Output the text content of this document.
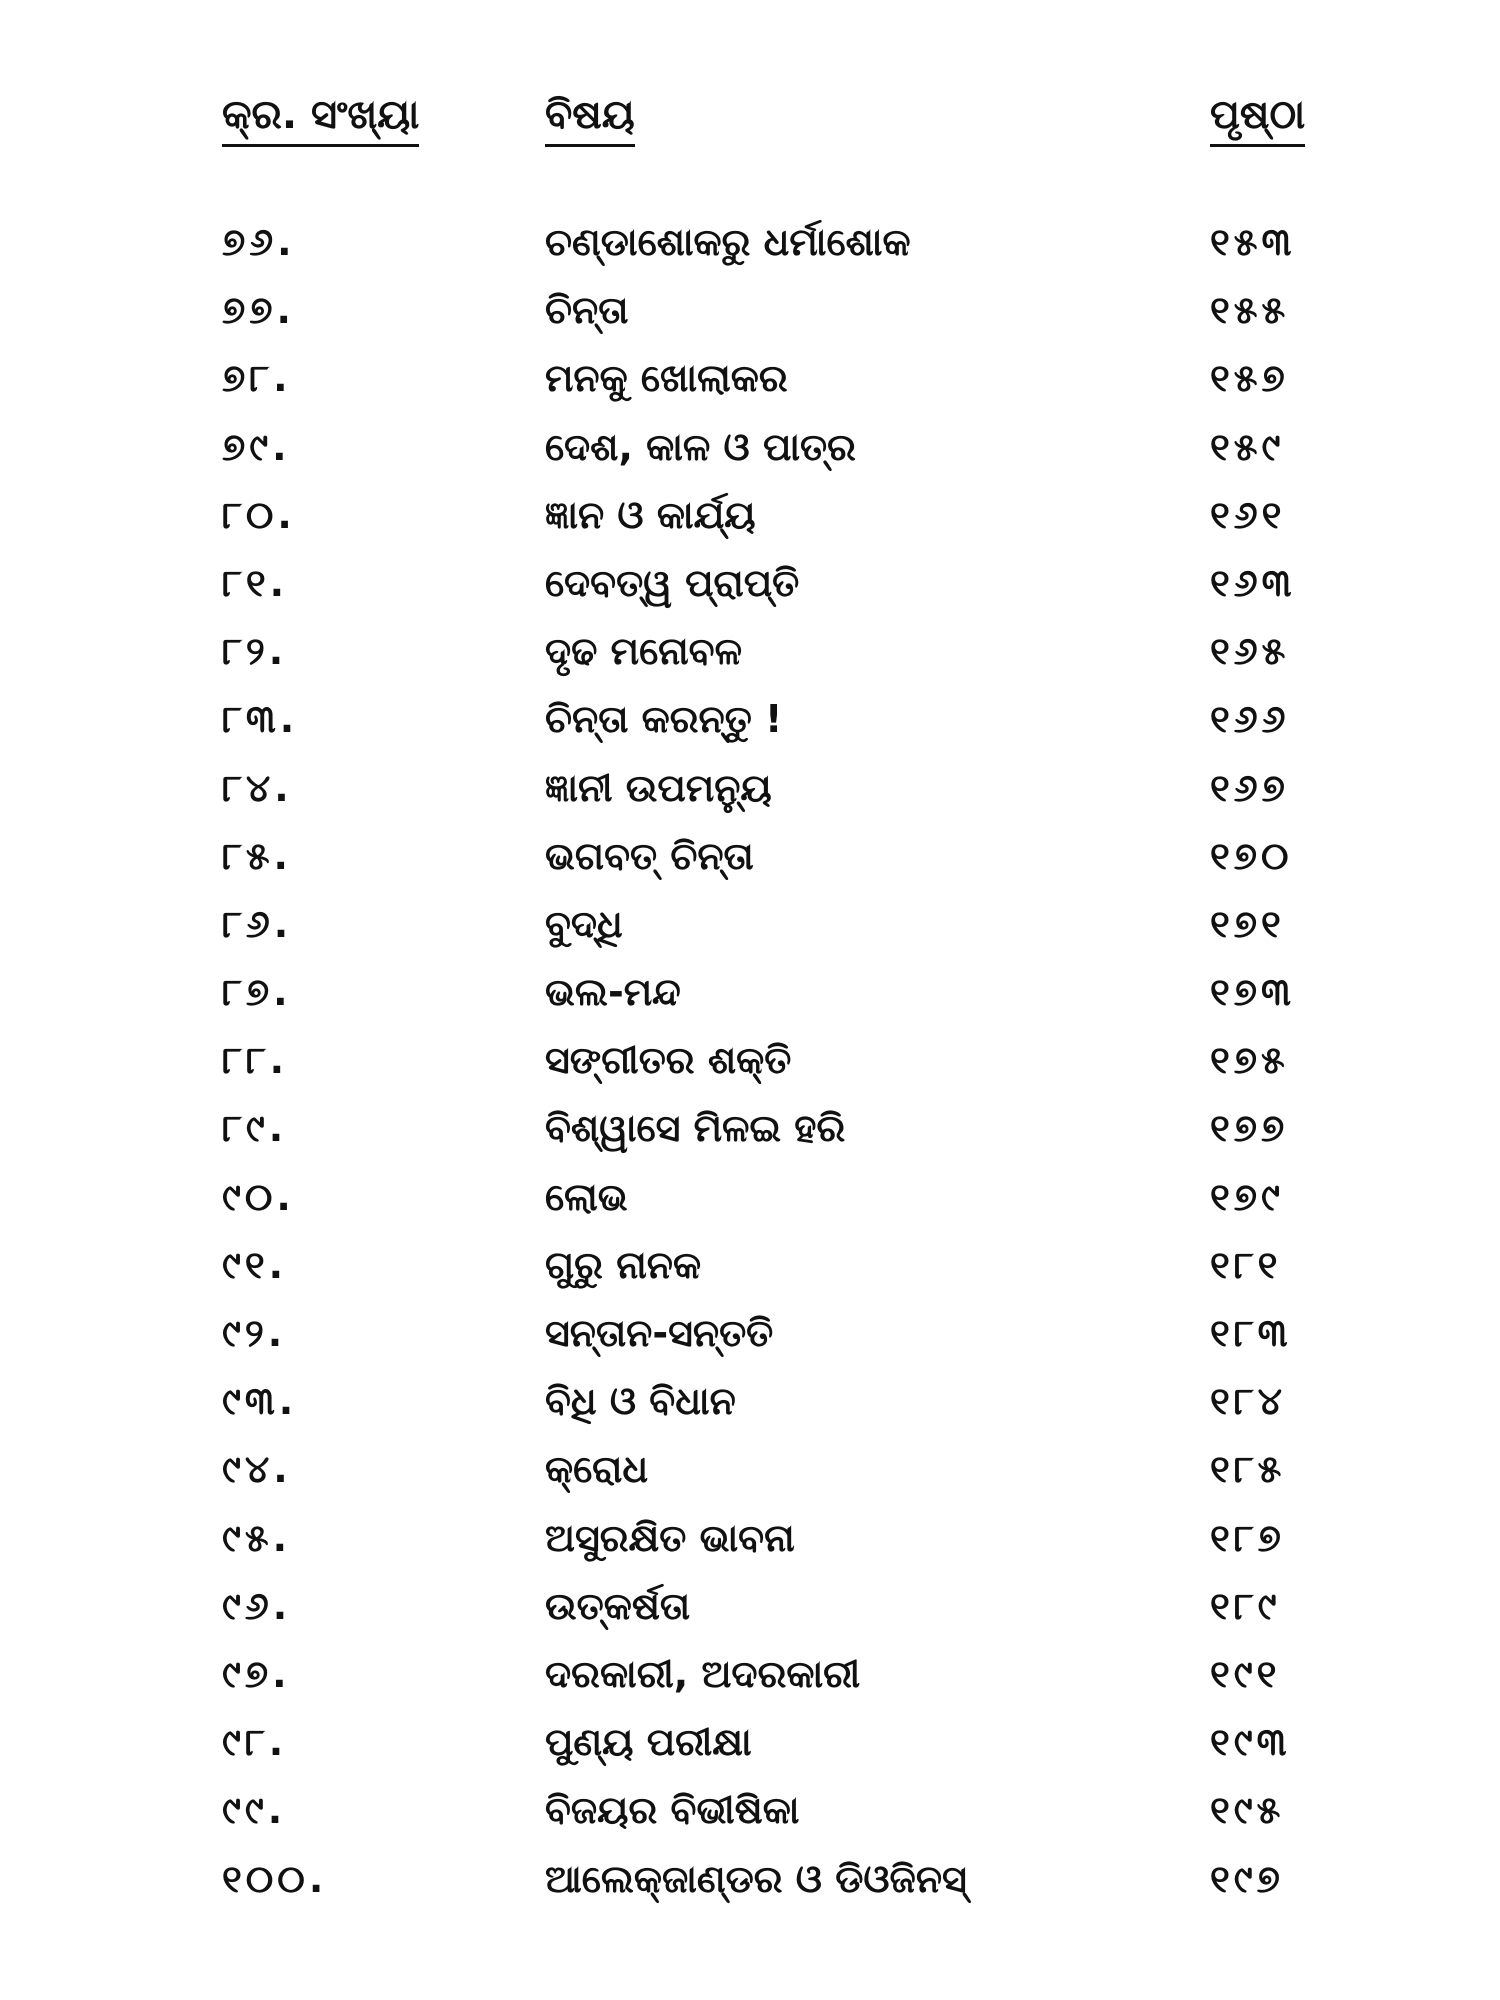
କ୍ର. ସଂଖ୍ୟା	ବିଷୟ	ପୃଷ୍ଠା
୭୬.	ଚଣ୍ଡାଶୋକରୁ ଧର୍ମାଶୋକ	୧୫୩
୭୭.	ଚିନ୍ତା	୧୫୫
୭୮.	ମନକୁ ଖୋଲାକର	୧୫୭
୭୯.	ଦେଶ, କାଳ ଓ ପାତ୍ର	୧୫୯
୮୦.	ଜ୍ଞାନ ଓ କାର୍ଯ୍ୟ	୧୬୧
୮୧.	ଦେବତ୍ୱ ପ୍ରାପ୍ତି	୧୬୩
୮୨.	ଦୃଢ ମନୋବଳ	୧୬୫
୮୩.	ଚିନ୍ତା କରନ୍ତୁ !	୧୬୬
୮୪.	ଜ୍ଞାନୀ ଉପମନ୍ୟୁ	୧୬୭
୮୫.	ଭଗବତ୍ ଚିନ୍ତା	୧୭୦
୮୬.	ବୁଦ୍ଧି	୧୭୧
୮୭.	ଭଲ-ମନ୍ଦ	୧୭୩
୮୮.	ସଙ୍ଗୀତର ଶକ୍ତି	୧୭୫
୮୯.	ବିଶ୍ୱାସେ ମିଳଇ ହରି	୧୭୭
୯୦.	ଲୋଭ	୧୭୯
୯୧.	ଗୁରୁ ନାନକ	୧୮୧
୯୨.	ସନ୍ତାନ-ସନ୍ତତି	୧୮୩
୯୩.	ବିଧି ଓ ବିଧାନ	୧୮୪
୯୪.	କ୍ରୋଧ	୧୮୫
୯୫.	ଅସୁରକ୍ଷିତ ଭାବନା	୧୮୭
୯୬.	ଉତ୍କର୍ଷତା	୧୮୯
୯୭.	ଦରକାରୀ, ଅଦରକାରୀ	୧୯୧
୯୮.	ପୁଣ୍ୟ ପରୀକ୍ଷା	୧୯୩
୯୯.	ବିଜୟର ବିଭୀଷିକା	୧୯୫
୧୦୦.	ଆଲେକ୍‌ଜାଣ୍ଡର ଓ ଡିଓଜିନସ୍	୧୯୭
